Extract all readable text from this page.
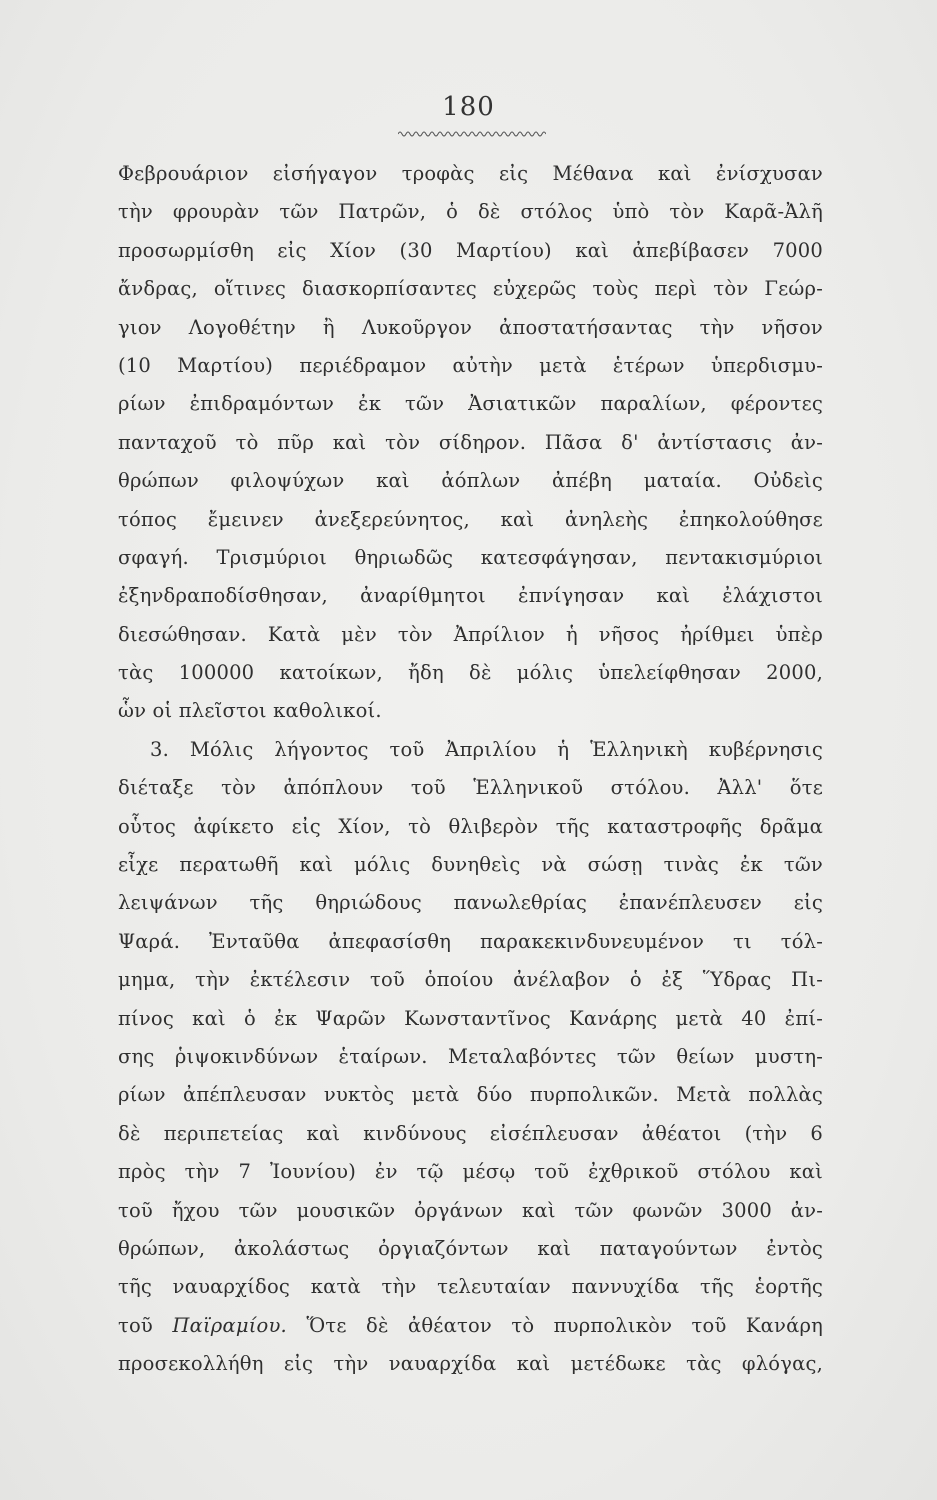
180
Φεβρουάριον εἰσήγαγον τροφὰς εἰς Μέθανα καὶ ἐνίσχυσαν
τὴν φρουρὰν τῶν Πατρῶν, ὁ δὲ στόλος ὑπὸ τὸν Καρᾶ-Ἀλῆ
προσωρμίσθη εἰς Χίον (30 Μαρτίου) καὶ ἀπεβίβασεν 7000
ἄνδρας, οἵτινες διασκορπίσαντες εὐχερῶς τοὺς περὶ τὸν Γεώρ-
γιον Λογοθέτην ἢ Λυκοῦργον ἀποστατήσαντας τὴν νῆσον
(10 Μαρτίου) περιέδραμον αὐτὴν μετὰ ἑτέρων ὑπερδισμυ-
ρίων ἐπιδραμόντων ἐκ τῶν Ἀσιατικῶν παραλίων, φέροντες
πανταχοῦ τὸ πῦρ καὶ τὸν σίδηρον. Πᾶσα δ' ἀντίστασις ἀν-
θρώπων φιλοψύχων καὶ ἀόπλων ἀπέβη ματαία. Οὐδεὶς
τόπος ἔμεινεν ἀνεξερεύνητος, καὶ ἀνηλεὴς ἐπηκολούθησε
σφαγή. Τρισμύριοι θηριωδῶς κατεσφάγησαν, πεντακισμύριοι
ἐξηνδραποδίσθησαν, ἀναρίθμητοι ἐπνίγησαν καὶ ἐλάχιστοι
διεσώθησαν. Κατὰ μὲν τὸν Ἀπρίλιον ἡ νῆσος ἠρίθμει ὑπὲρ
τὰς 100000 κατοίκων, ἤδη δὲ μόλις ὑπελείφθησαν 2000,
ὧν οἱ πλεῖστοι καθολικοί.
3. Μόλις λήγοντος τοῦ Ἀπριλίου ἡ Ἑλληνικὴ κυβέρνησις
διέταξε τὸν ἀπόπλουν τοῦ Ἑλληνικοῦ στόλου. Ἀλλ' ὅτε
οὗτος ἀφίκετο εἰς Χίον, τὸ θλιβερὸν τῆς καταστροφῆς δρᾶμα
εἶχε περατωθῆ καὶ μόλις δυνηθεὶς νὰ σώσῃ τινὰς ἐκ τῶν
λειψάνων τῆς θηριώδους πανωλεθρίας ἐπανέπλευσεν εἰς
Ψαρά. Ἐνταῦθα ἀπεφασίσθη παρακεκινδυνευμένον τι τόλ-
μημα, τὴν ἐκτέλεσιν τοῦ ὁποίου ἀνέλαβον ὁ ἐξ Ὕδρας Πι-
πίνος καὶ ὁ ἐκ Ψαρῶν Κωνσταντῖνος Κανάρης μετὰ 40 ἐπί-
σης ῥιψοκινδύνων ἑταίρων. Μεταλαβόντες τῶν θείων μυστη-
ρίων ἀπέπλευσαν νυκτὸς μετὰ δύο πυρπολικῶν. Μετὰ πολλὰς
δὲ περιπετείας καὶ κινδύνους εἰσέπλευσαν ἀθέατοι (τὴν 6
πρὸς τὴν 7 Ἰουνίου) ἐν τῷ μέσῳ τοῦ ἐχθρικοῦ στόλου καὶ
τοῦ ἤχου τῶν μουσικῶν ὀργάνων καὶ τῶν φωνῶν 3000 ἀν-
θρώπων, ἀκολάστως ὀργιαζόντων καὶ παταγούντων ἐντὸς
τῆς ναυαρχίδος κατὰ τὴν τελευταίαν παννυχίδα τῆς ἑορτῆς
τοῦ Παϊραμίου. Ὅτε δὲ ἀθέατον τὸ πυρπολικὸν τοῦ Κανάρη
προσεκολλήθη εἰς τὴν ναυαρχίδα καὶ μετέδωκε τὰς φλόγας,
